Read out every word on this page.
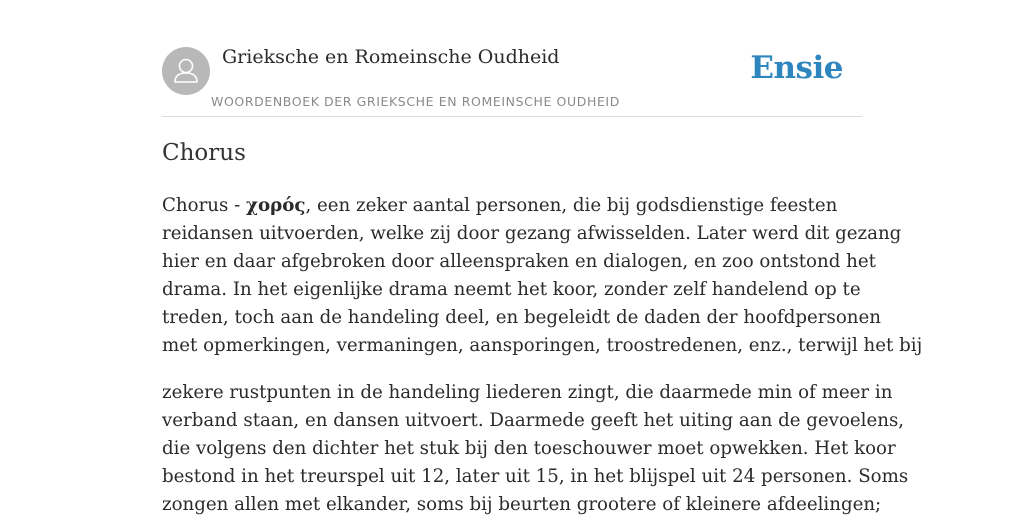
Grieksche en Romeinsche Oudheid
WOORDENBOEK DER GRIEKSCHE EN ROMEINSCHE OUDHEID
Ensie
Chorus

Chorus - χορός, een zeker aantal personen, die bij godsdienstige feesten
reidansen uitvoerden, welke zij door gezang afwisselden. Later werd dit gezang
hier en daar afgebroken door alleenspraken en dialogen, en zoo ontstond het
drama. In het eigenlijke drama neemt het koor, zonder zelf handelend op te
treden, toch aan de handeling deel, en begeleidt de daden der hoofdpersonen
met opmerkingen, vermaningen, aansporingen, troostredenen, enz., terwijl het bij

zekere rustpunten in de handeling liederen zingt, die daarmede min of meer in
verband staan, en dansen uitvoert. Daarmede geeft het uiting aan de gevoelens,
die volgens den dichter het stuk bij den toeschouwer moet opwekken. Het koor
bestond in het treurspel uit 12, later uit 15, in het blijspel uit 24 personen. Soms
zongen allen met elkander, soms bij beurten grootere of kleinere afdeelingen;
